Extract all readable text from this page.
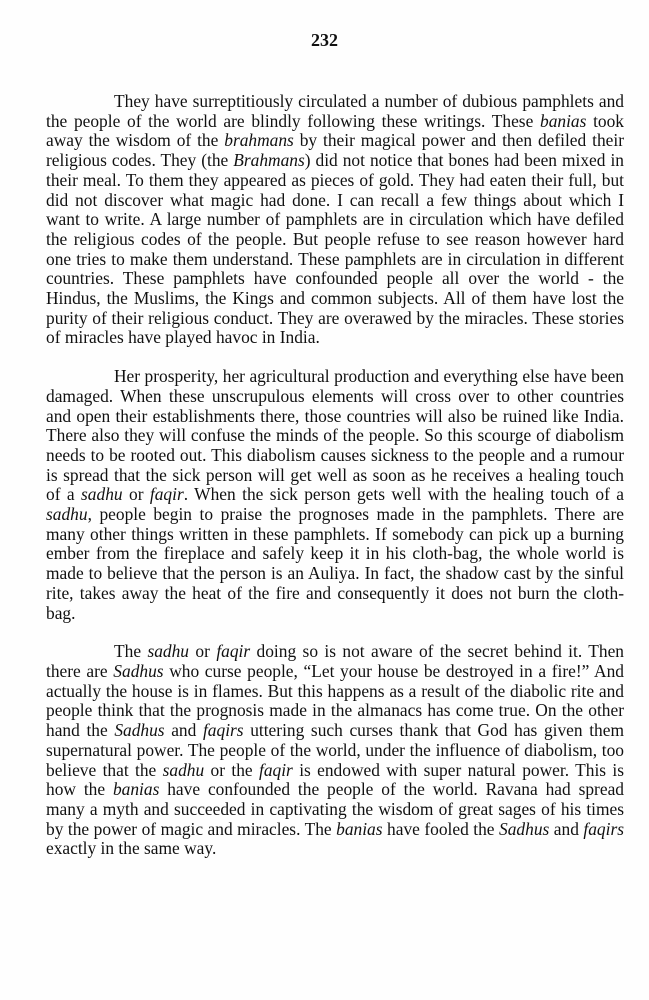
232

They have surreptitiously circulated a number of dubious pamphlets and the people of the world are blindly following these writings. These banias took away the wisdom of the brahmans by their magical power and then defiled their religious codes. They (the Brahmans) did not notice that bones had been mixed in their meal. To them they appeared as pieces of gold. They had eaten their full, but did not discover what magic had done. I can recall a few things about which I want to write. A large number of pamphlets are in circulation which have defiled the religious codes of the people. But people refuse to see reason however hard one tries to make them understand. These pamphlets are in circulation in different countries. These pamphlets have confounded people all over the world - the Hindus, the Muslims, the Kings and common subjects. All of them have lost the purity of their religious conduct. They are overawed by the miracles. These stories of miracles have played havoc in India.

Her prosperity, her agricultural production and everything else have been damaged. When these unscrupulous elements will cross over to other countries and open their establishments there, those countries will also be ruined like India. There also they will confuse the minds of the people. So this scourge of diabolism needs to be rooted out. This diabolism causes sickness to the people and a rumour is spread that the sick person will get well as soon as he receives a healing touch of a sadhu or faqir. When the sick person gets well with the healing touch of a sadhu, people begin to praise the prognoses made in the pamphlets. There are many other things written in these pamphlets. If somebody can pick up a burning ember from the fireplace and safely keep it in his cloth-bag, the whole world is made to believe that the person is an Auliya. In fact, the shadow cast by the sinful rite, takes away the heat of the fire and consequently it does not burn the cloth-bag.

The sadhu or faqir doing so is not aware of the secret behind it. Then there are Sadhus who curse people, “Let your house be destroyed in a fire!” And actually the house is in flames. But this happens as a result of the diabolic rite and people think that the prognosis made in the almanacs has come true. On the other hand the Sadhus and faqirs uttering such curses thank that God has given them supernatural power. The people of the world, under the influence of diabolism, too believe that the sadhu or the faqir is endowed with super natural power. This is how the banias have confounded the people of the world. Ravana had spread many a myth and succeeded in captivating the wisdom of great sages of his times by the power of magic and miracles. The banias have fooled the Sadhus and faqirs exactly in the same way.
